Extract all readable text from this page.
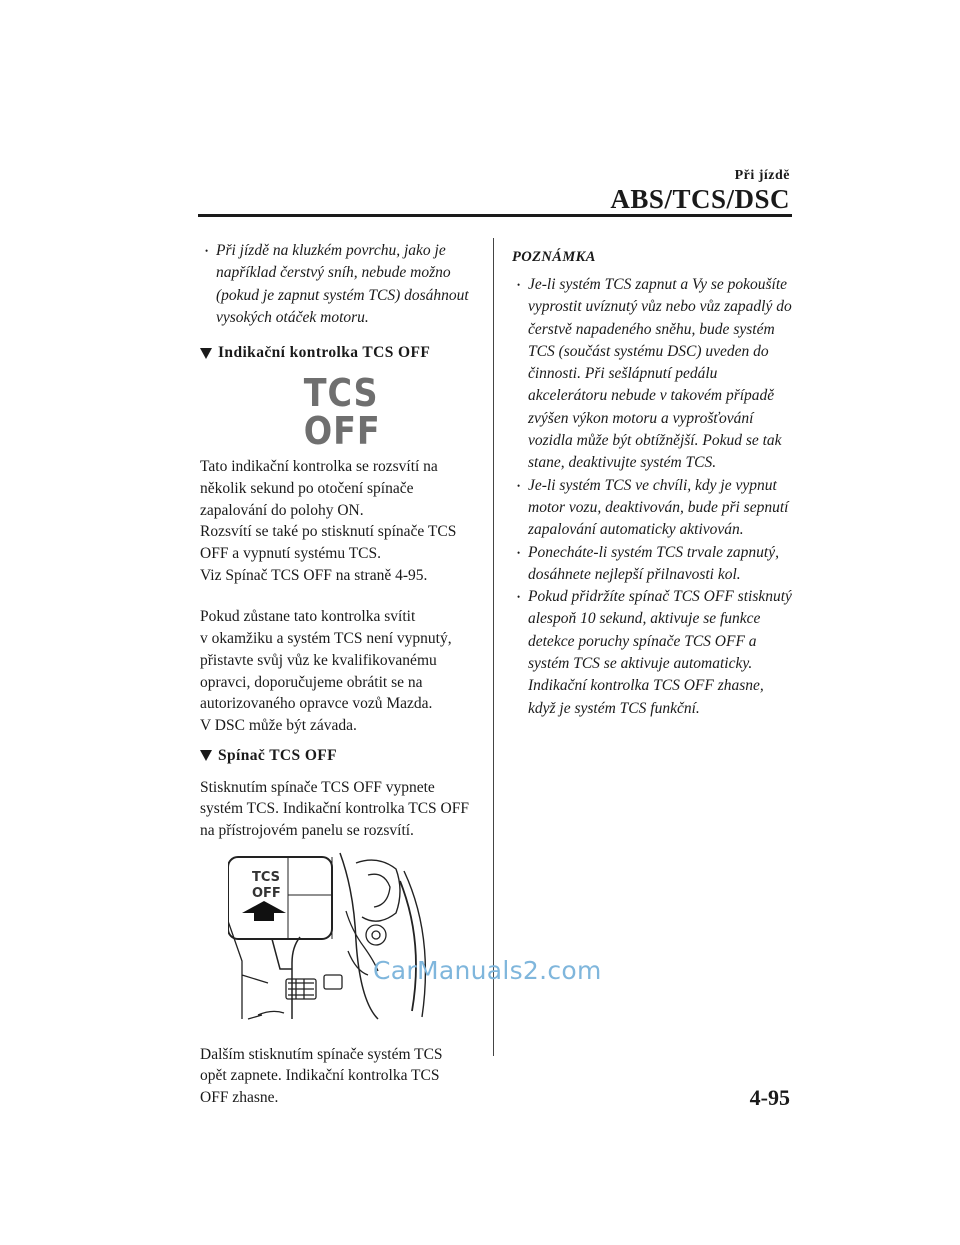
Při jízdě
ABS/TCS/DSC
• Při jízdě na kluzkém povrchu, jako je například čerstvý sníh, nebude možno (pokud je zapnut systém TCS) dosáhnout vysokých otáček motoru.
Indikační kontrolka TCS OFF
TCS
OFF

Tato indikační kontrolka se rozsvítí na
několik sekund po otočení spínače
zapalování do polohy ON.
Rozsvítí se také po stisknutí spínače TCS
OFF a vypnutí systému TCS.
Viz Spínač TCS OFF na straně 4-95.

Pokud zůstane tato kontrolka svítit
v okamžiku a systém TCS není vypnutý,
přistavte svůj vůz ke kvalifikovanému
opravci, doporučujeme obrátit se na
autorizovaného opravce vozů Mazda.
V DSC může být závada.

Spínač TCS OFF

Stisknutím spínače TCS OFF vypnete
systém TCS. Indikační kontrolka TCS OFF
na přístrojovém panelu se rozsvítí.

TCS
OFF

Dalším stisknutím spínače systém TCS
opět zapnete. Indikační kontrolka TCS
OFF zhasne.

POZNÁMKA
• Je-li systém TCS zapnut a Vy se pokoušíte vyprostit uvíznutý vůz nebo vůz zapadlý do čerstvě napadeného sněhu, bude systém TCS (součást systému DSC) uveden do činnosti. Při sešlápnutí pedálu akcelerátoru nebude v takovém případě zvýšen výkon motoru a vyprošťování vozidla může být obtížnější. Pokud se tak stane, deaktivujte systém TCS.
• Je-li systém TCS ve chvíli, kdy je vypnut motor vozu, deaktivován, bude při sepnutí zapalování automaticky aktivován.
• Ponecháte-li systém TCS trvale zapnutý, dosáhnete nejlepší přilnavosti kol.
• Pokud přidržíte spínač TCS OFF stisknutý alespoň 10 sekund, aktivuje se funkce detekce poruchy spínače TCS OFF a systém TCS se aktivuje automaticky. Indikační kontrolka TCS OFF zhasne, když je systém TCS funkční.
CarManuals2.com
4-95
